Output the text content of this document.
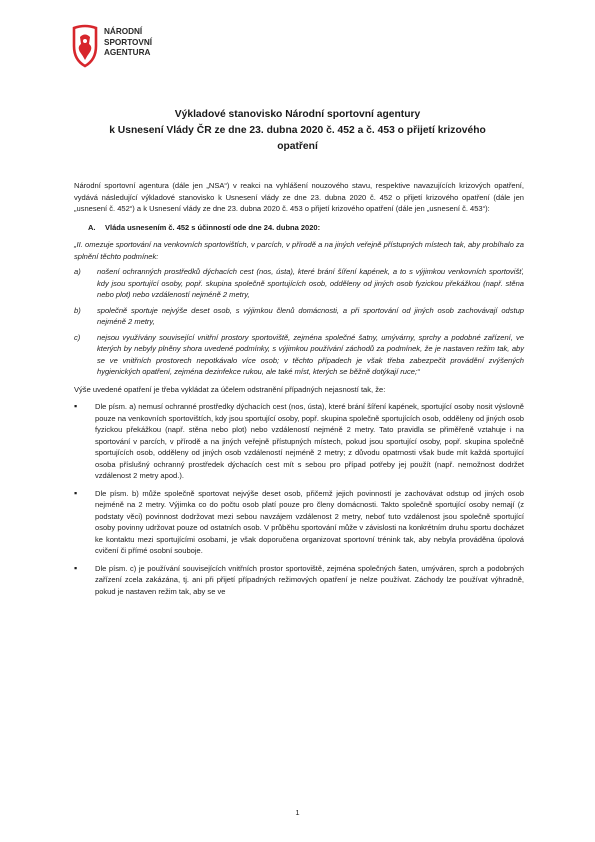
NÁRODNÍ
SPORTOVNÍ
AGENTURA
Výkladové stanovisko Národní sportovní agentury
k Usnesení Vlády ČR ze dne 23. dubna 2020 č. 452 a č. 453 o přijetí krizového
opatření

Národní sportovní agentura (dále jen „NSA“) v reakci na vyhlášení nouzového stavu, respektive navazujících krizových opatření, vydává následující výkladové stanovisko k Usnesení vlády ze dne 23. dubna 2020 č. 452 o přijetí krizového opatření (dále jen „usnesení č. 452“) a k Usnesení vlády ze dne 23. dubna 2020 č. 453 o přijetí krizového opatření (dále jen „usnesení č. 453“):

A. Vláda usnesením č. 452 s účinností ode dne 24. dubna 2020:

„II. omezuje sportování na venkovních sportovištích, v parcích, v přírodě a na jiných veřejně přístupných místech tak, aby probíhalo za splnění těchto podmínek:

a)	nošení ochranných prostředků dýchacích cest (nos, ústa), které brání šíření kapének, a to s výjimkou venkovních sportovišť, kdy jsou sportující osoby, popř. skupina společně sportujících osob, odděleny od jiných osob fyzickou překážkou (např. stěna nebo plot) nebo vzdáleností nejméně 2 metry,
b)	společně sportuje nejvýše deset osob, s výjimkou členů domácnosti, a při sportování od jiných osob zachovávají odstup nejméně 2 metry,
c)	nejsou využívány související vnitřní prostory sportoviště, zejména společné šatny, umývárny, sprchy a podobné zařízení, ve kterých by nebyly plněny shora uvedené podmínky, s výjimkou používání záchodů za podmínek, že je nastaven režim tak, aby se ve vnitřních prostorech nepotkávalo více osob; v těchto případech je však třeba zabezpečit provádění zvýšených hygienických opatření, zejména dezinfekce rukou, ale také míst, kterých se běžně dotýkají ruce;“

Výše uvedené opatření je třeba vykládat za účelem odstranění případných nejasností tak, že:

▪	Dle písm. a) nemusí ochranné prostředky dýchacích cest (nos, ústa), které brání šíření kapének, sportující osoby nosit výslovně pouze na venkovních sportovištích, kdy jsou sportující osoby, popř. skupina společně sportujících osob, odděleny od jiných osob fyzickou překážkou (např. stěna nebo plot) nebo vzdáleností nejméně 2 metry. Tato pravidla se přiměřeně vztahuje i na sportování v parcích, v přírodě a na jiných veřejně přístupných místech, pokud jsou sportující osoby, popř. skupina společně sportujících osob, odděleny od jiných osob vzdáleností nejméně 2 metry; z důvodu opatrnosti však bude mít každá sportující osoba příslušný ochranný prostředek dýchacích cest mít s sebou pro případ potřeby jej použít (např. nemožnost dodržet vzdálenost 2 metry apod.).
▪	Dle písm. b) může společně sportovat nejvýše deset osob, přičemž jejich povinností je zachovávat odstup od jiných osob nejméně na 2 metry. Výjimka co do počtu osob platí pouze pro členy domácnosti. Takto společně sportující osoby nemají (z podstaty věci) povinnost dodržovat mezi sebou navzájem vzdálenost 2 metry, neboť tuto vzdálenost jsou společně sportující osoby povinny udržovat pouze od ostatních osob. V průběhu sportování může v závislosti na konkrétním druhu sportu docházet ke kontaktu mezi sportujícími osobami, je však doporučena organizovat sportovní trénink tak, aby nebyla prováděna úpolová cvičení či přímé osobní souboje.
▪	Dle písm. c) je používání souvisejících vnitřních prostor sportoviště, zejména společných šaten, umýváren, sprch a podobných zařízení zcela zakázána, tj. ani při přijetí případných režimových opatření je nelze používat. Záchody lze používat výhradně, pokud je nastaven režim tak, aby se ve
1
